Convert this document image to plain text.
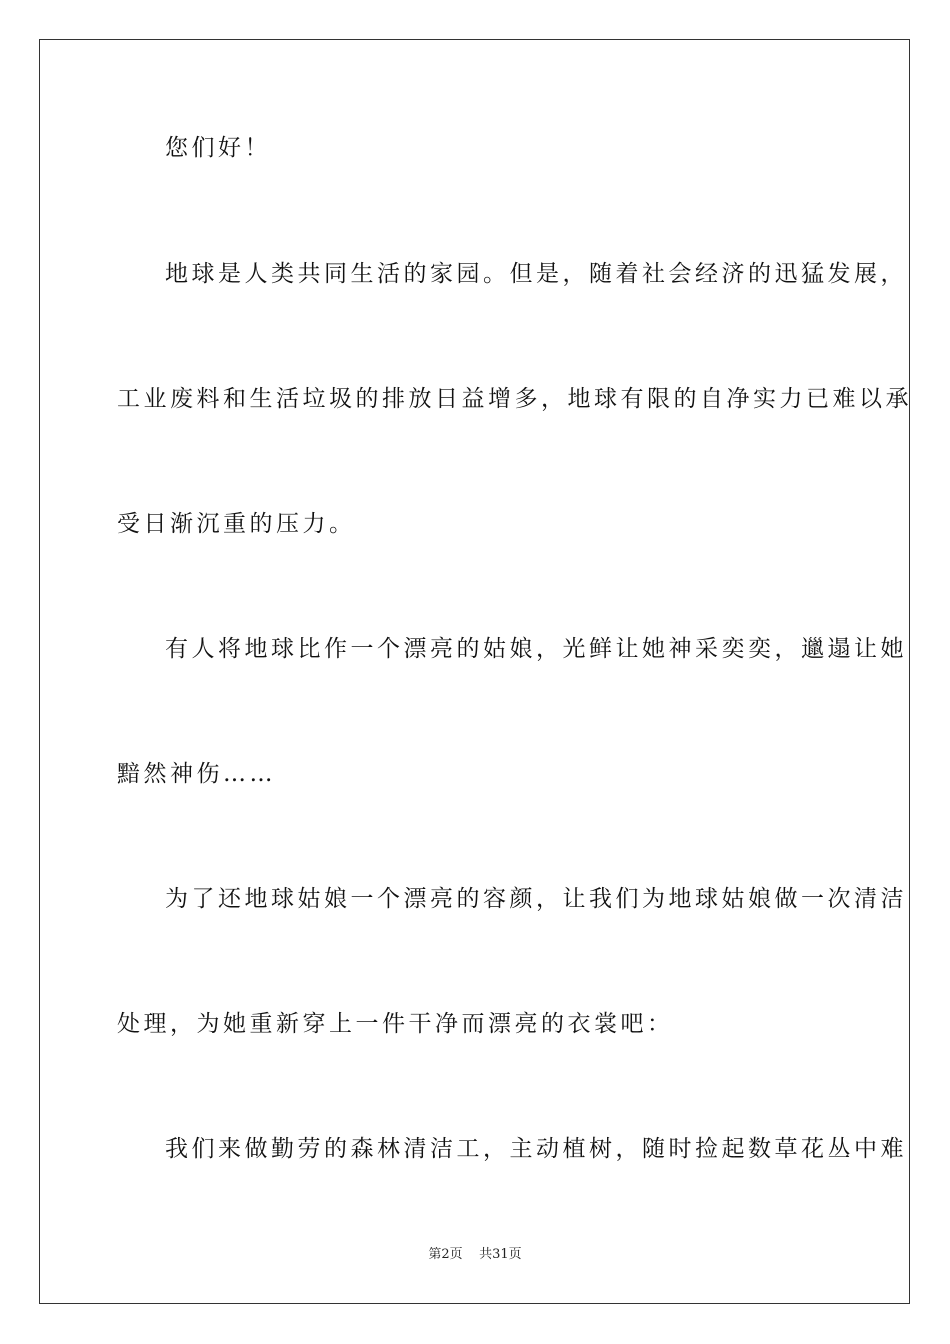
您们好！
地球是人类共同生活的家园。但是，随着社会经济的迅猛发展，
工业废料和生活垃圾的排放日益增多，地球有限的自净实力已难以承
受日渐沉重的压力。
有人将地球比作一个漂亮的姑娘，光鲜让她神采奕奕，邋遢让她
黯然神伤……
为了还地球姑娘一个漂亮的容颜，让我们为地球姑娘做一次清洁
处理，为她重新穿上一件干净而漂亮的衣裳吧：
我们来做勤劳的森林清洁工，主动植树，随时捡起数草花丛中难
第2页    共31页
